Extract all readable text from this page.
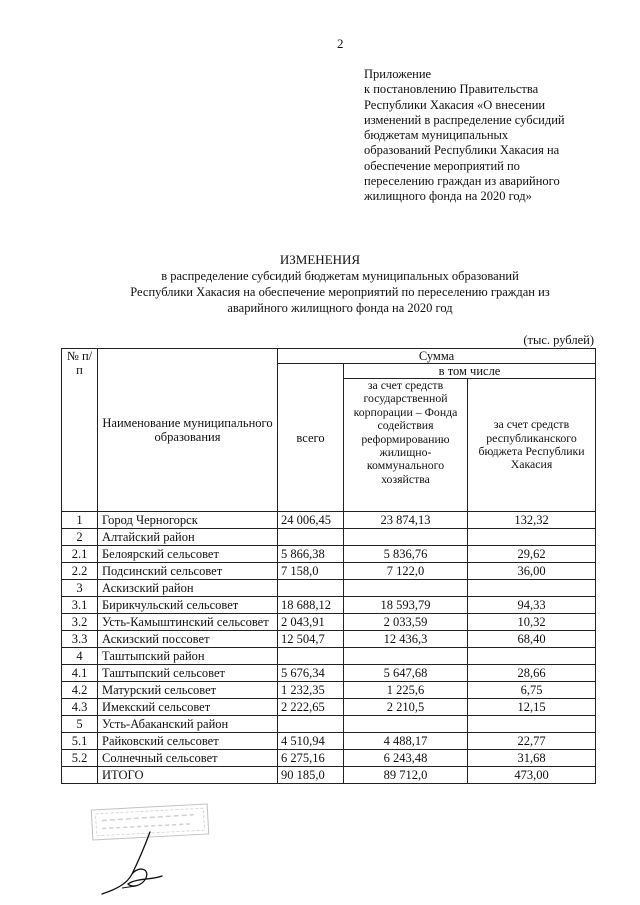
2
Приложение
к постановлению Правительства
Республики Хакасия «О внесении
изменений в распределение субсидий
бюджетам муниципальных
образований Республики Хакасия на
обеспечение мероприятий по
переселению граждан из аварийного
жилищного фонда на 2020 год»
ИЗМЕНЕНИЯ
в распределение субсидий бюджетам муниципальных образований
Республики Хакасия на обеспечение мероприятий по переселению граждан из
аварийного жилищного фонда на 2020 год
(тыс. рублей)
№ п/п	Наименование муниципального образования	Сумма		
		всего	в том числе	
			за счет средств государственной корпорации – Фонда содействия реформированию жилищно-коммунального хозяйства	за счет средств республиканского бюджета Республики Хакасия
1	Город Черногорск	24 006,45	23 874,13	132,32
2	Алтайский район			
2.1	Белоярский сельсовет	5 866,38	5 836,76	29,62
2.2	Подсинский сельсовет	7 158,0	7 122,0	36,00
3	Аскизский район			
3.1	Бирикчульский сельсовет	18 688,12	18 593,79	94,33
3.2	Усть-Камыштинский сельсовет	2 043,91	2 033,59	10,32
3.3	Аскизский поссовет	12 504,7	12 436,3	68,40
4	Таштыпский район			
4.1	Таштыпский сельсовет	5 676,34	5 647,68	28,66
4.2	Матурский сельсовет	1 232,35	1 225,6	6,75
4.3	Имекский сельсовет	2 222,65	2 210,5	12,15
5	Усть-Абаканский район			
5.1	Райковский сельсовет	4 510,94	4 488,17	22,77
5.2	Солнечный сельсовет	6 275,16	6 243,48	31,68
	ИТОГО	90 185,0	89 712,0	473,00
